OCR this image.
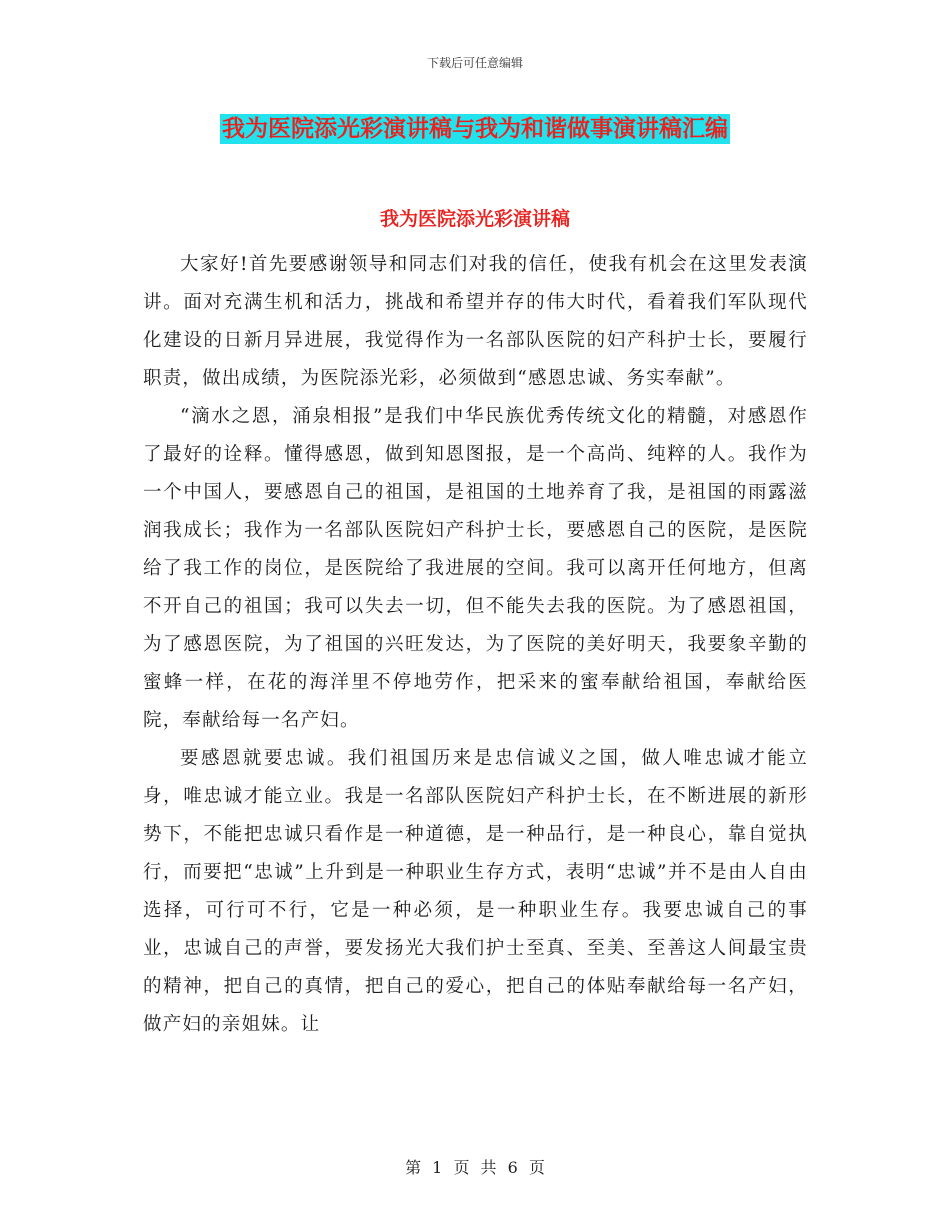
下载后可任意编辑
我为医院添光彩演讲稿与我为和谐做事演讲稿汇编
我为医院添光彩演讲稿

大家好!首先要感谢领导和同志们对我的信任，使我有机会在这里发表演讲。面对充满生机和活力，挑战和希望并存的伟大时代，看着我们军队现代化建设的日新月异进展，我觉得作为一名部队医院的妇产科护士长，要履行职责，做出成绩，为医院添光彩，必须做到“感恩忠诚、务实奉献”。

“滴水之恩，涌泉相报”是我们中华民族优秀传统文化的精髓，对感恩作了最好的诠释。懂得感恩，做到知恩图报，是一个高尚、纯粹的人。我作为一个中国人，要感恩自己的祖国，是祖国的土地养育了我，是祖国的雨露滋润我成长；我作为一名部队医院妇产科护士长，要感恩自己的医院，是医院给了我工作的岗位，是医院给了我进展的空间。我可以离开任何地方，但离不开自己的祖国；我可以失去一切，但不能失去我的医院。为了感恩祖国，为了感恩医院，为了祖国的兴旺发达，为了医院的美好明天，我要象辛勤的蜜蜂一样，在花的海洋里不停地劳作，把采来的蜜奉献给祖国，奉献给医院，奉献给每一名产妇。

要感恩就要忠诚。我们祖国历来是忠信诚义之国，做人唯忠诚才能立身，唯忠诚才能立业。我是一名部队医院妇产科护士长，在不断进展的新形势下，不能把忠诚只看作是一种道德，是一种品行，是一种良心，靠自觉执行，而要把“忠诚”上升到是一种职业生存方式，表明“忠诚”并不是由人自由选择，可行可不行，它是一种必须，是一种职业生存。我要忠诚自己的事业，忠诚自己的声誉，要发扬光大我们护士至真、至美、至善这人间最宝贵的精神，把自己的真情，把自己的爱心，把自己的体贴奉献给每一名产妇，做产妇的亲姐妹。让

第 1 页 共 6 页
